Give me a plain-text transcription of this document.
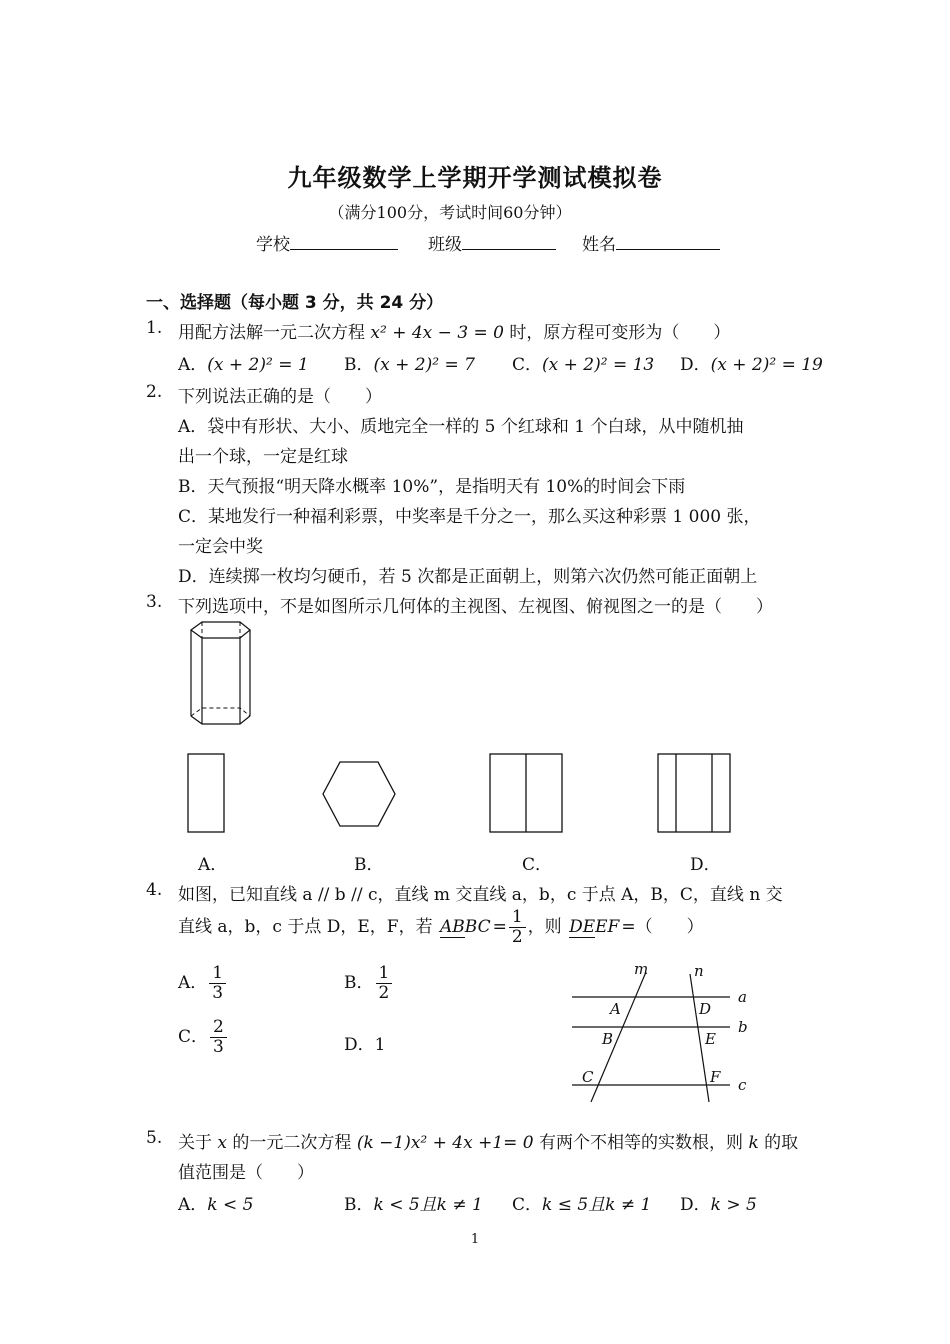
九年级数学上学期开学测试模拟卷
（满分100分，考试时间60分钟）
学校	班级	姓名
一、选择题（每小题 3 分，共 24 分）
1. 用配方法解一元二次方程 x² + 4x − 3 = 0 时，原方程可变形为（　　）
A．(x + 2)² = 1 B．(x + 2)² = 7 C．(x + 2)² = 13 D．(x + 2)² = 19
2. 下列说法正确的是（　　）
A．袋中有形状、大小、质地完全一样的 5 个红球和 1 个白球，从中随机抽
出一个球，一定是红球
B．天气预报“明天降水概率 10%”，是指明天有 10%的时间会下雨
C．某地发行一种福利彩票，中奖率是千分之一，那么买这种彩票 1 000 张，
一定会中奖
D．连续掷一枚均匀硬币，若 5 次都是正面朝上，则第六次仍然可能正面朝上
3. 下列选项中，不是如图所示几何体的主视图、左视图、俯视图之一的是（　　）
A．	B．	C．	D．
4. 如图，已知直线 a // b // c，直线 m 交直线 a，b，c 于点 A，B，C，直线 n 交
直线 a，b，c 于点 D，E，F，若 ABBC = $\frac{1}{2}$ ，则 DEEF =（　　）
A． $\frac{1}{3}$	B． $\frac{1}{2}$
C． $\frac{2}{3}$	D．1
m	n
a
b
c
A	D
B	E
C	F
5. 关于 x 的一元二次方程 (k −1)x² + 4x +1= 0 有两个不相等的实数根，则 k 的取
值范围是（　　）
A．k < 5	B．k < 5且k ≠ 1 C．k ≤ 5且k ≠ 1 D．k > 5
1
